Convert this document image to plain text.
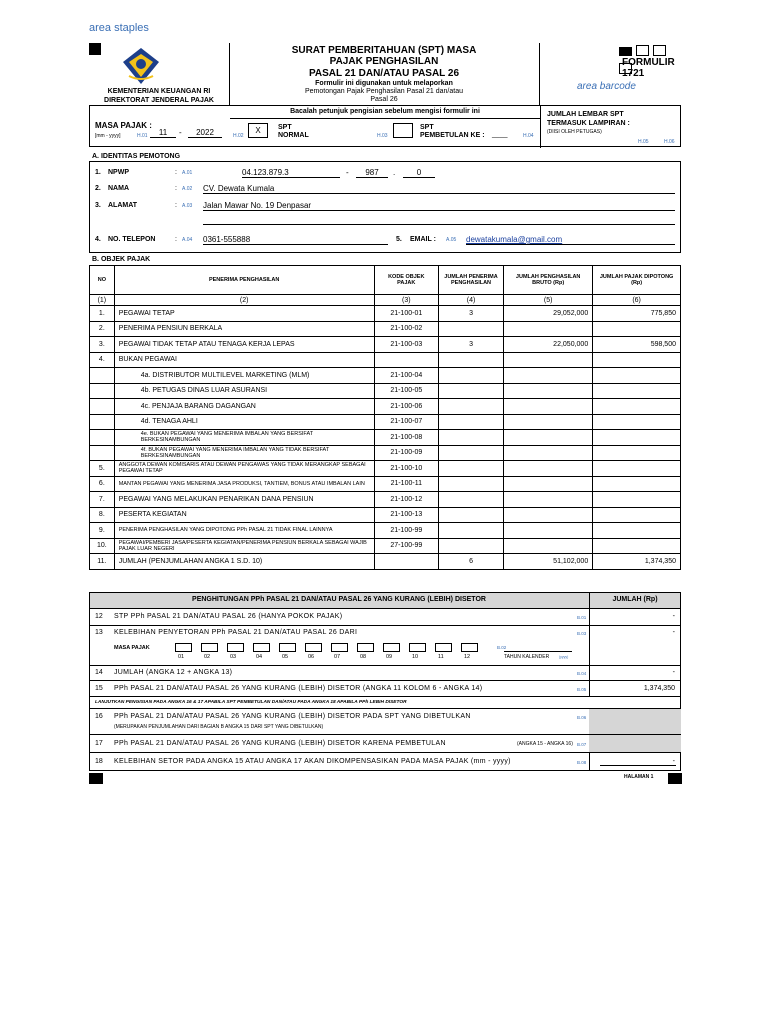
area staples
KEMENTERIAN KEUANGAN RI
DIREKTORAT JENDERAL PAJAK
SURAT PEMBERITAHUAN (SPT) MASA
PAJAK PENGHASILAN
PASAL 21 DAN/ATAU PASAL 26
Formulir ini digunakan untuk melaporkan
Pemotongan Pajak Penghasilan Pasal 21 dan/atau
Pasal 26
FORMULIR 1721
area barcode
Bacalah petunjuk pengisian sebelum mengisi formulir ini
MASA PAJAK :
[mm - yyyy]	H.01	11	-	2022	H.02
X	SPT
NORMAL	H.03
SPT
PEMBETULAN KE : ____	H.04
JUMLAH LEMBAR SPT
TERMASUK LAMPIRAN :
(DIISI OLEH PETUGAS)
H.05	H.06
A. IDENTITAS PEMOTONG
1. NPWP	: A.01	04.123.879.3	-	987	.	0
2. NAMA	: A.02 CV. Dewata Kumala
3. ALAMAT	: A.03 Jalan Mawar No. 19 Denpasar
4. NO. TELEPON	: A.04 0361-555888	5. EMAIL : A.05 dewatakumala@gmail.com
B. OBJEK PAJAK
NO	PENERIMA PENGHASILAN	KODE OBJEK PAJAK	JUMLAH PENERIMA PENGHASILAN	JUMLAH PENGHASILAN BRUTO (Rp)	JUMLAH PAJAK DIPOTONG (Rp)
(1)	(2)	(3)	(4)	(5)	(6)
1.	PEGAWAI TETAP	21-100-01	3	29,052,000	775,850
2.	PENERIMA PENSIUN BERKALA	21-100-02			
3.	PEGAWAI TIDAK TETAP ATAU TENAGA KERJA LEPAS	21-100-03	3	22,050,000	598,500
4.	BUKAN PEGAWAI				
	4a. DISTRIBUTOR MULTILEVEL MARKETING (MLM)	21-100-04			
	4b. PETUGAS DINAS LUAR ASURANSI	21-100-05			
	4c. PENJAJA BARANG DAGANGAN	21-100-06			
	4d. TENAGA AHLI	21-100-07			
	4e. BUKAN PEGAWAI YANG MENERIMA IMBALAN YANG BERSIFAT BERKESINAMBUNGAN	21-100-08			
	4f. BUKAN PEGAWAI YANG MENERIMA IMBALAN YANG TIDAK BERSIFAT BERKESINAMBUNGAN	21-100-09			
5.	ANGGOTA DEWAN KOMISARIS ATAU DEWAN PENGAWAS YANG TIDAK MERANGKAP SEBAGAI PEGAWAI TETAP	21-100-10			
6.	MANTAN PEGAWAI YANG MENERIMA JASA PRODUKSI, TANTIEM, BONUS ATAU IMBALAN LAIN	21-100-11			
7.	PEGAWAI YANG MELAKUKAN PENARIKAN DANA PENSIUN	21-100-12			
8.	PESERTA KEGIATAN	21-100-13			
9.	PENERIMA PENGHASILAN YANG DIPOTONG PPh PASAL 21 TIDAK FINAL LAINNYA	21-100-99			
10.	PEGAWAI/PEMBERI JASA/PESERTA KEGIATAN/PENERIMA PENSIUN BERKALA SEBAGAI WAJIB PAJAK LUAR NEGERI	27-100-99			
11.	JUMLAH (PENJUMLAHAN ANGKA 1 S.D. 10)		6	51,102,000	1,374,350
PENGHITUNGAN PPh PASAL 21 DAN/ATAU PASAL 26 YANG KURANG (LEBIH) DISETOR	JUMLAH (Rp)
12 STP PPh PASAL 21 DAN/ATAU PASAL 26 (HANYA POKOK PAJAK)	B.01	-
13 KELEBIHAN PENYETORAN PPh PASAL 21 DAN/ATAU PASAL 26 DARI	B.03	-
MASA PAJAK
01	02	03	04	05	06	07	08	09	10	11	12	TAHUN KALENDER	(yyyy)
B.02
14 JUMLAH (ANGKA 12 + ANGKA 13)	B.04	-
15 PPh PASAL 21 DAN/ATAU PASAL 26 YANG KURANG (LEBIH) DISETOR (ANGKA 11 KOLOM 6 - ANGKA 14)	B.05	1,374,350
16 PPh PASAL 21 DAN/ATAU PASAL 26 YANG KURANG (LEBIH) DISETOR PADA SPT YANG DIBETULKAN
(MERUPAKAN PENJUMLAHAN DARI BAGIAN B ANGKA 15 DARI SPT YANG DIBETULKAN)
B.06
17 PPh PASAL 21 DAN/ATAU PASAL 26 YANG KURANG (LEBIH) DISETOR KARENA PEMBETULAN	(ANGKA 15 - ANGKA 16) B.07
18 KELEBIHAN SETOR PADA ANGKA 15 ATAU ANGKA 17 AKAN DIKOMPENSASIKAN PADA MASA PAJAK (mm - yyyy)	B.08	-
LANJUTKAN PENGISIAN PADA ANGKA 16 & 17 APABILA SPT PEMBETULAN DAN/ATAU PADA ANGKA 18 APABILA PPh LEBIH DISETOR
HALAMAN 1
